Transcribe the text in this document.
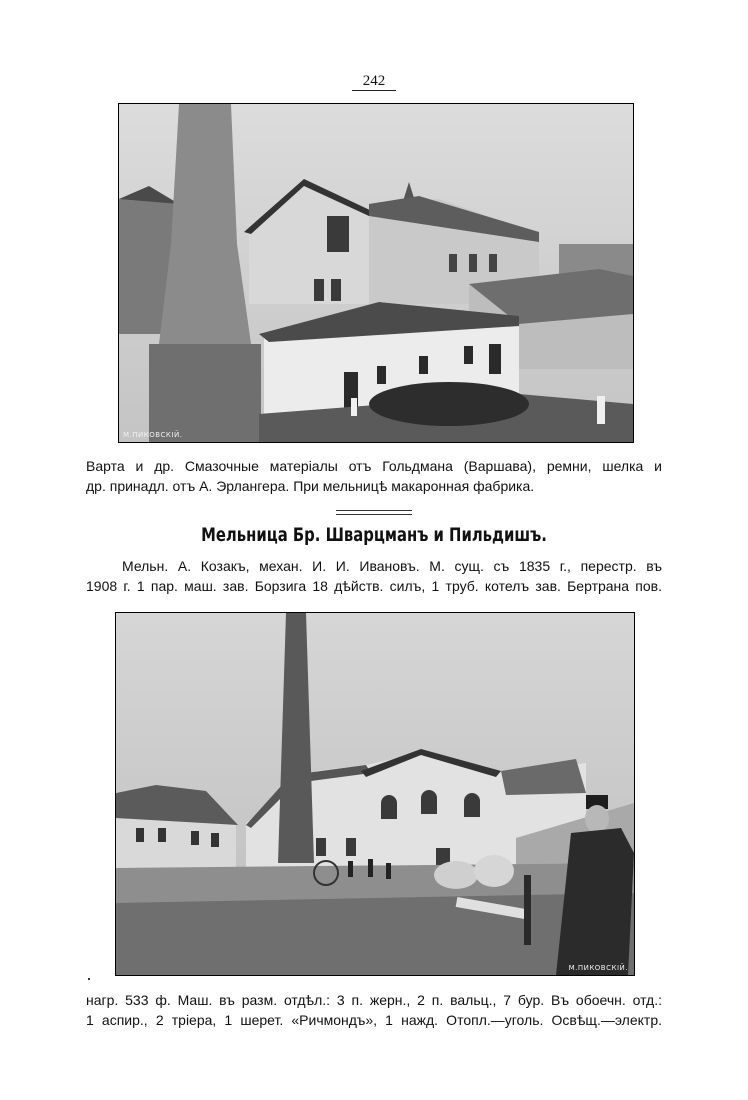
242
М.ПИКОВСКІЙ.
Варта и др. Смазочные матеріалы отъ Гольдмана (Варшава), ремни, шелка и
др. принадл. отъ А. Эрлангера. При мельницѣ макаронная фабрика.
Мельница Бр. Шварцманъ и Пильдишъ.
Мельн. А. Козакъ, механ. И. И. Ивановъ. М. сущ. съ 1835 г., перестр. въ
1908 г. 1 пар. маш. зав. Борзига 18 дѣйств. силъ, 1 труб. котелъ зав. Бертрана пов.
М.ПИКОВСКІЙ.
нагр. 533 ф. Маш. въ разм. отдѣл.: 3 п. жерн., 2 п. вальц., 7 бур. Въ обоечн. отд.:
1 аспир., 2 тріера, 1 шерет. «Ричмондъ», 1 нажд. Отопл.—уголь. Освѣщ.—электр.
